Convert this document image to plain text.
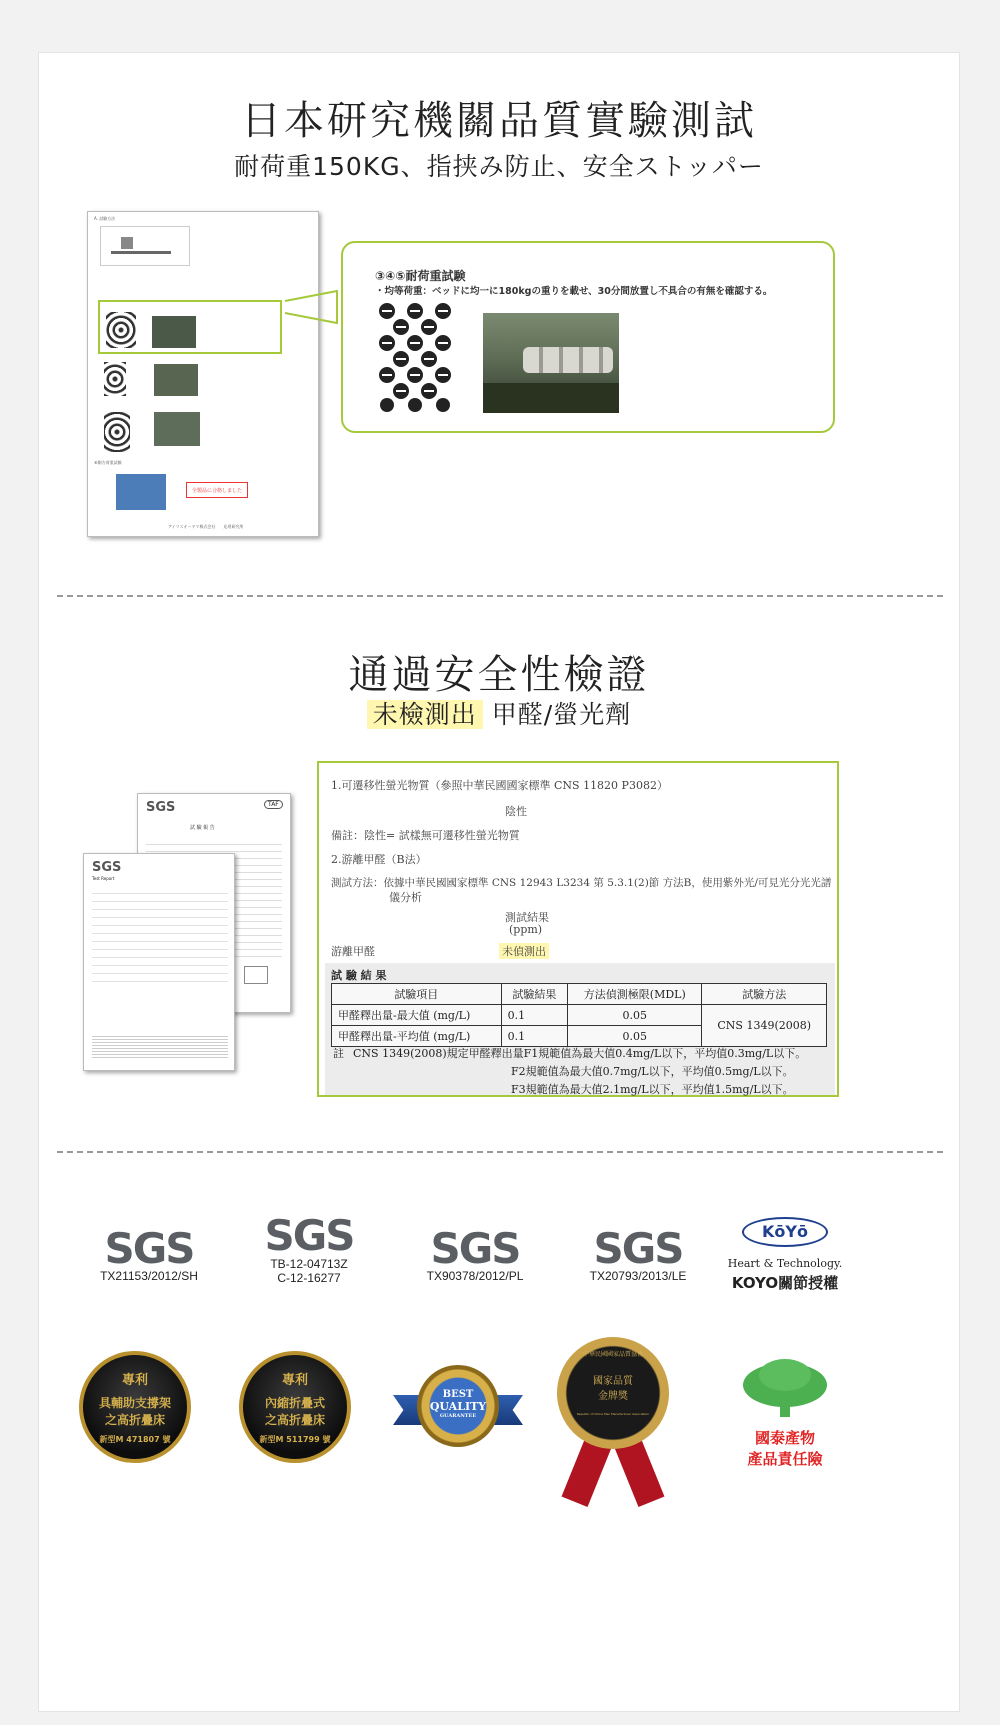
日本研究機關品質實驗測試
耐荷重150KG、指挟み防止、安全ストッパー
A. 試験方法
⑥側方荷重試験
全製品に合格しました
アイリスオーヤマ株式会社　　応用研究所
③④⑤耐荷重試験
・均等荷重：ベッドに均一に180kgの重りを載せ、30分間放置し不具合の有無を確認する。
通過安全性檢證
未檢測出 甲醛/螢光劑
SGS	TAF
試 驗 報 告
SGS
Test Report
1.可遷移性螢光物質（參照中華民國國家標準 CNS 11820 P3082）
陰性
備註：陰性= 試樣無可遷移性螢光物質
2.游離甲醛（B法）
測試方法：依據中華民國國家標準 CNS 12943 L3234 第 5.3.1(2)節 方法B，使用紫外光/可見光分光光譜
儀分析
測試結果
(ppm)
游離甲醛	未偵測出
試 驗 結 果
試驗項目	試驗結果	方法偵測極限(MDL)	試驗方法
甲醛釋出量-最大值 (mg/L)	0.1	0.05	CNS 1349(2008)
甲醛釋出量-平均值 (mg/L)	0.1	0.05	
註 CNS 1349(2008)規定甲醛釋出量F1規範值為最大值0.4mg/L以下，平均值0.3mg/L以下。
F2規範值為最大值0.7mg/L以下，平均值0.5mg/L以下。
F3規範值為最大值2.1mg/L以下，平均值1.5mg/L以下。
SGS
TX21153/2012/SH
SGS
TB-12-04713Z
C-12-16277
SGS
TX90378/2012/PL
SGS
TX20793/2013/LE
KōYō
Heart & Technology.
KOYO關節授權
專利
具輔助支撐架
之高折疊床
新型M 471807 號
專利
內縮折疊式
之高折疊床
新型M 511799 號
BEST
QUALITY
GUARANTEE
中華民國國家品質協會
國家品質
金牌獎
Republic of China Mac Manufacturer Association
國泰產物
產品責任險
